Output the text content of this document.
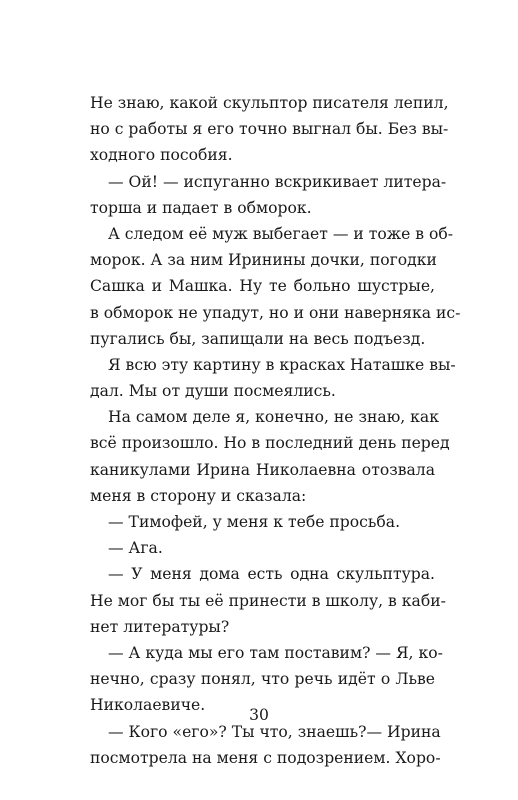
Не знаю, какой скульптор писателя лепил,
но с работы я его точно выгнал бы. Без вы-
ходного пособия.
— Ой! — испуганно вскрикивает литера-
торша и падает в обморок.
А следом её муж выбегает — и тоже в об-
морок. А за ним Иринины дочки, погодки
Сашка и Машка. Ну те больно шустрые,
в обморок не упадут, но и они наверняка ис-
пугались бы, запищали на весь подъезд.
Я всю эту картину в красках Наташке вы-
дал. Мы от души посмеялись.
На самом деле я, конечно, не знаю, как
всё произошло. Но в последний день перед
каникулами Ирина Николаевна отозвала
меня в сторону и сказала:
— Тимофей, у меня к тебе просьба.
— Ага.
— У меня дома есть одна скульптура.
Не мог бы ты её принести в школу, в каби-
нет литературы?
— А куда мы его там поставим? — Я, ко-
нечно, сразу понял, что речь идёт о Льве
Николаевиче.
— Кого «его»? Ты что, знаешь?— Ирина
посмотрела на меня с подозрением. Хоро-
30
